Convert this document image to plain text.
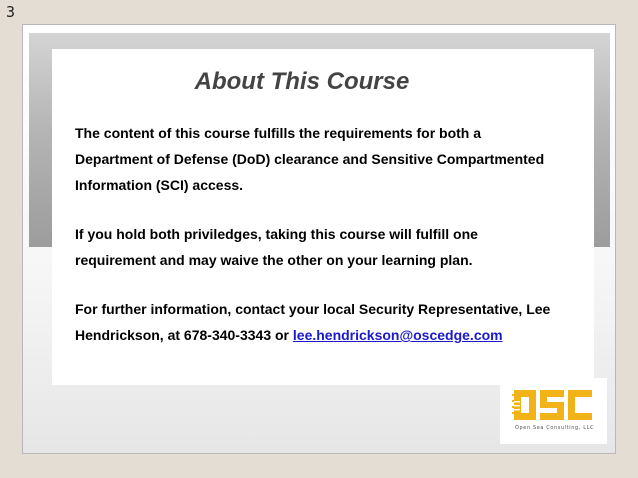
3
About This Course
The content of this course fulfills the requirements for both a
Department of Defense (DoD) clearance and Sensitive Compartmented
Information (SCI) access.
If you hold both priviledges, taking this course will fulfill one
requirement and may waive the other on your learning plan.
For further information, contact your local Security Representative, Lee
Hendrickson, at 678-340-3343 or lee.hendrickson@oscedge.com
Open Sea Consulting, LLC
